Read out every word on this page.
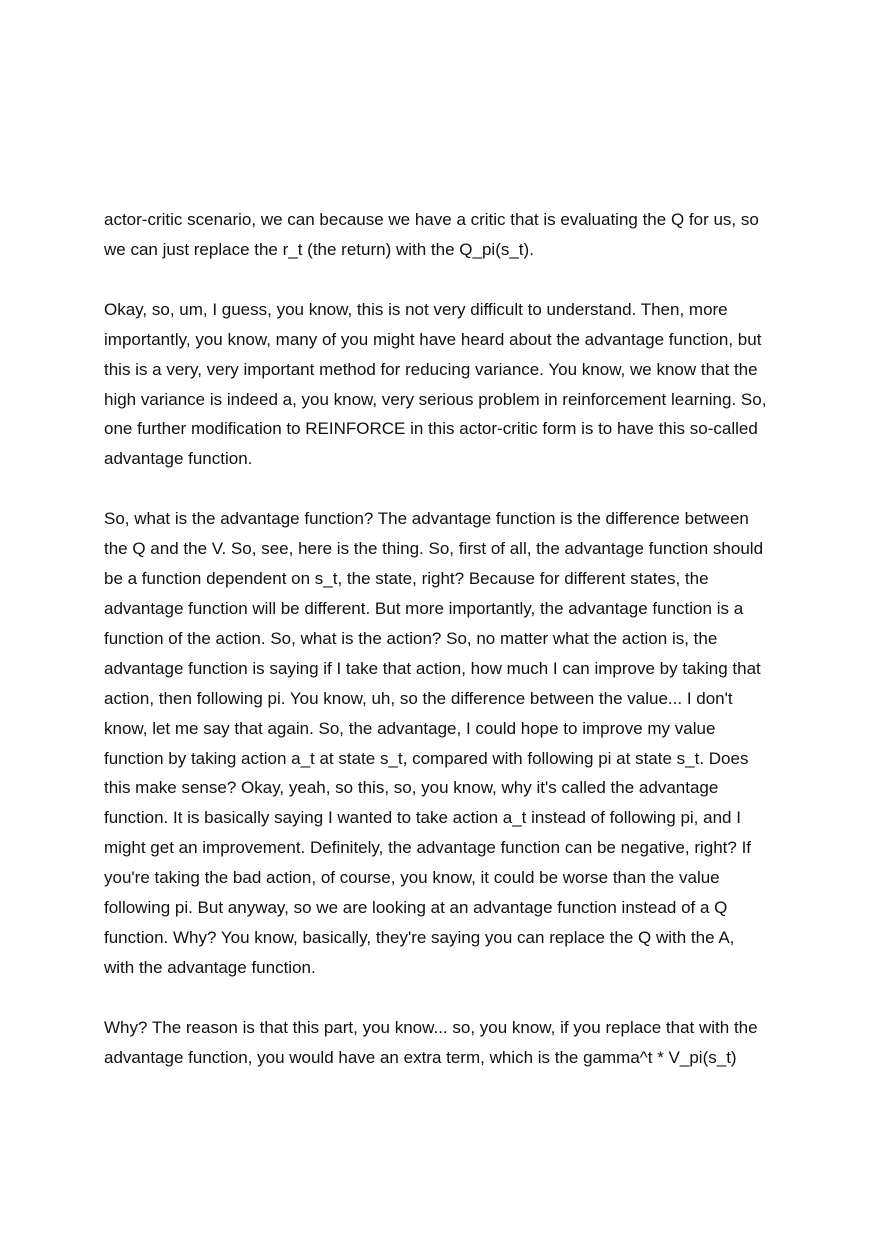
actor-critic scenario, we can because we have a critic that is evaluating the Q for us, so
we can just replace the r_t (the return) with the Q_pi(s_t).

Okay, so, um, I guess, you know, this is not very difficult to understand. Then, more
importantly, you know, many of you might have heard about the advantage function, but
this is a very, very important method for reducing variance. You know, we know that the
high variance is indeed a, you know, very serious problem in reinforcement learning. So,
one further modification to REINFORCE in this actor-critic form is to have this so-called
advantage function.

So, what is the advantage function? The advantage function is the difference between
the Q and the V. So, see, here is the thing. So, first of all, the advantage function should
be a function dependent on s_t, the state, right? Because for different states, the
advantage function will be different. But more importantly, the advantage function is a
function of the action. So, what is the action? So, no matter what the action is, the
advantage function is saying if I take that action, how much I can improve by taking that
action, then following pi. You know, uh, so the difference between the value... I don't
know, let me say that again. So, the advantage, I could hope to improve my value
function by taking action a_t at state s_t, compared with following pi at state s_t. Does
this make sense? Okay, yeah, so this, so, you know, why it's called the advantage
function. It is basically saying I wanted to take action a_t instead of following pi, and I
might get an improvement. Definitely, the advantage function can be negative, right? If
you're taking the bad action, of course, you know, it could be worse than the value
following pi. But anyway, so we are looking at an advantage function instead of a Q
function. Why? You know, basically, they're saying you can replace the Q with the A,
with the advantage function.

Why? The reason is that this part, you know... so, you know, if you replace that with the
advantage function, you would have an extra term, which is the gamma^t * V_pi(s_t)
